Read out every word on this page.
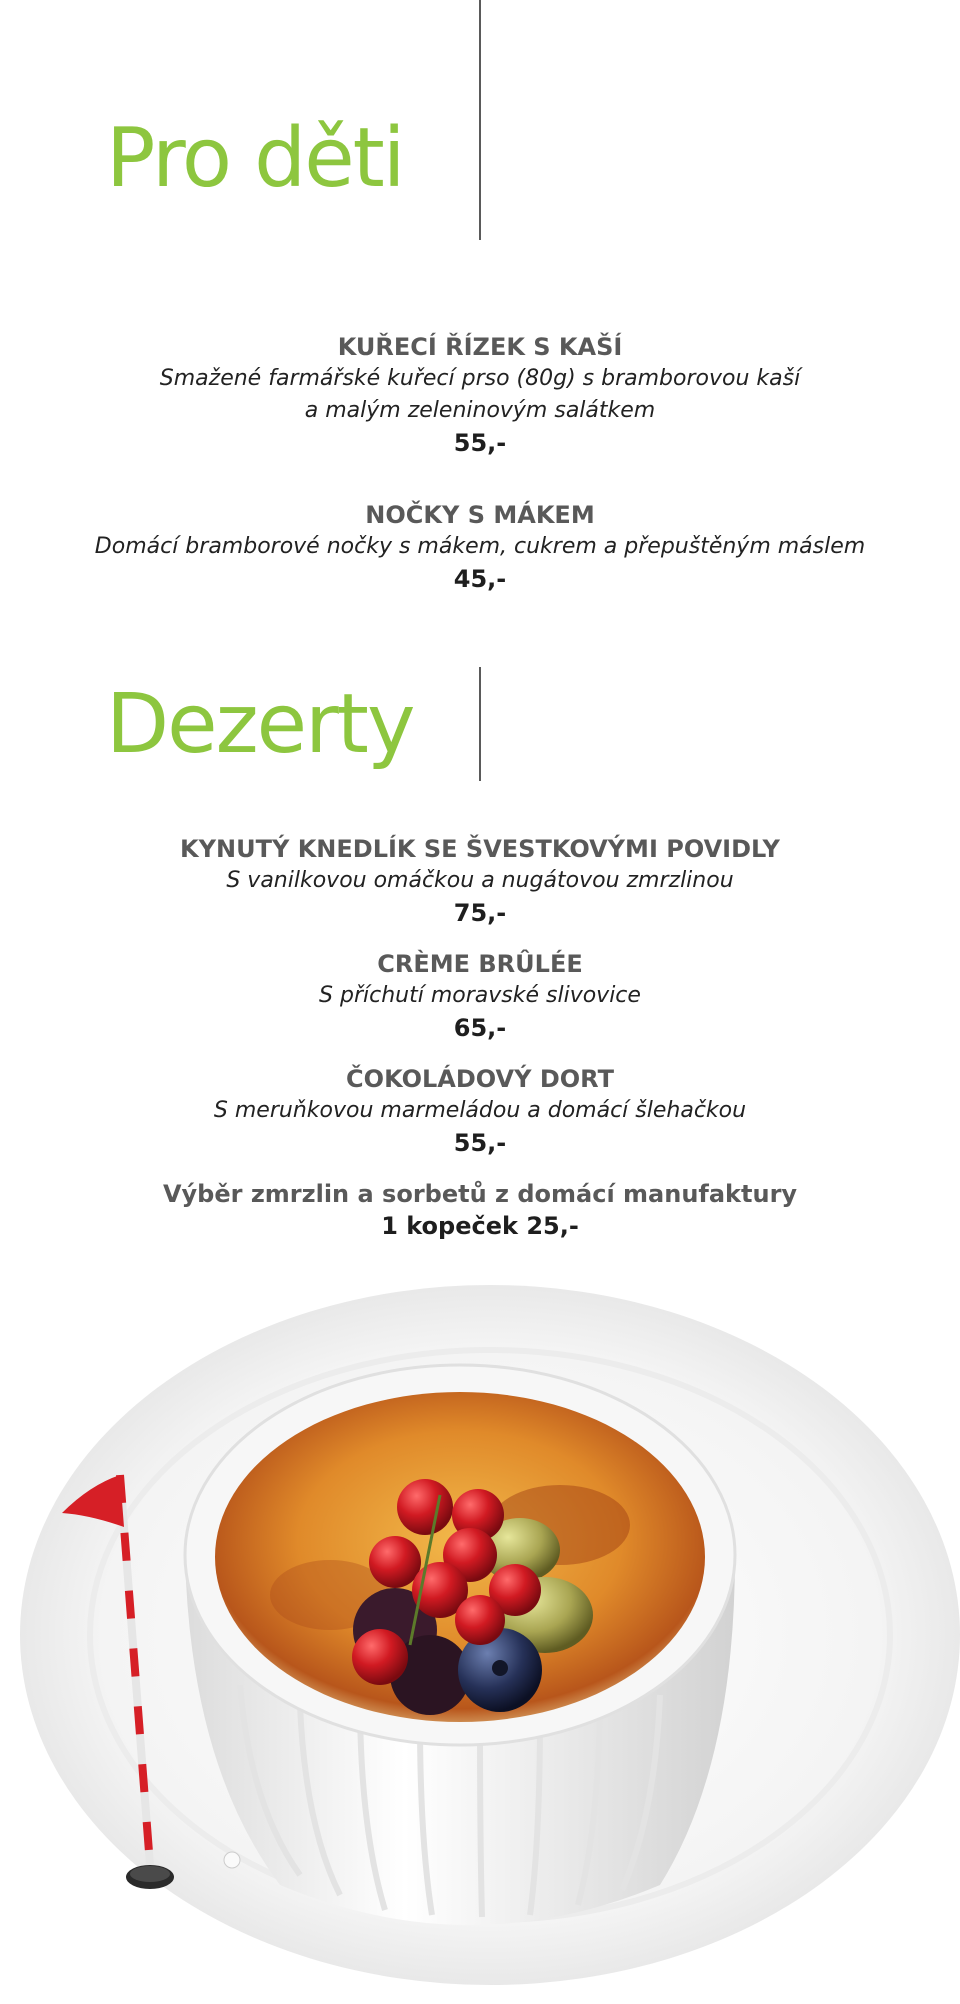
Pro děti
KUŘECÍ ŘÍZEK S KAŠÍ
Smažené farmářské kuřecí prso (80g) s bramborovou kaší
a malým zeleninovým salátkem
55,-
NOČKY S MÁKEM
Domácí bramborové nočky s mákem, cukrem a přepuštěným máslem
45,-
Dezerty
KYNUTÝ KNEDLÍK SE ŠVESTKOVÝMI POVIDLY
S vanilkovou omáčkou a nugátovou zmrzlinou
75,-
CRÈME BRÛLÉE
S příchutí moravské slivovice
65,-
ČOKOLÁDOVÝ DORT
S meruňkovou marmeládou a domácí šlehačkou
55,-
Výběr zmrzlin a sorbetů z domácí manufaktury
1 kopeček 25,-
